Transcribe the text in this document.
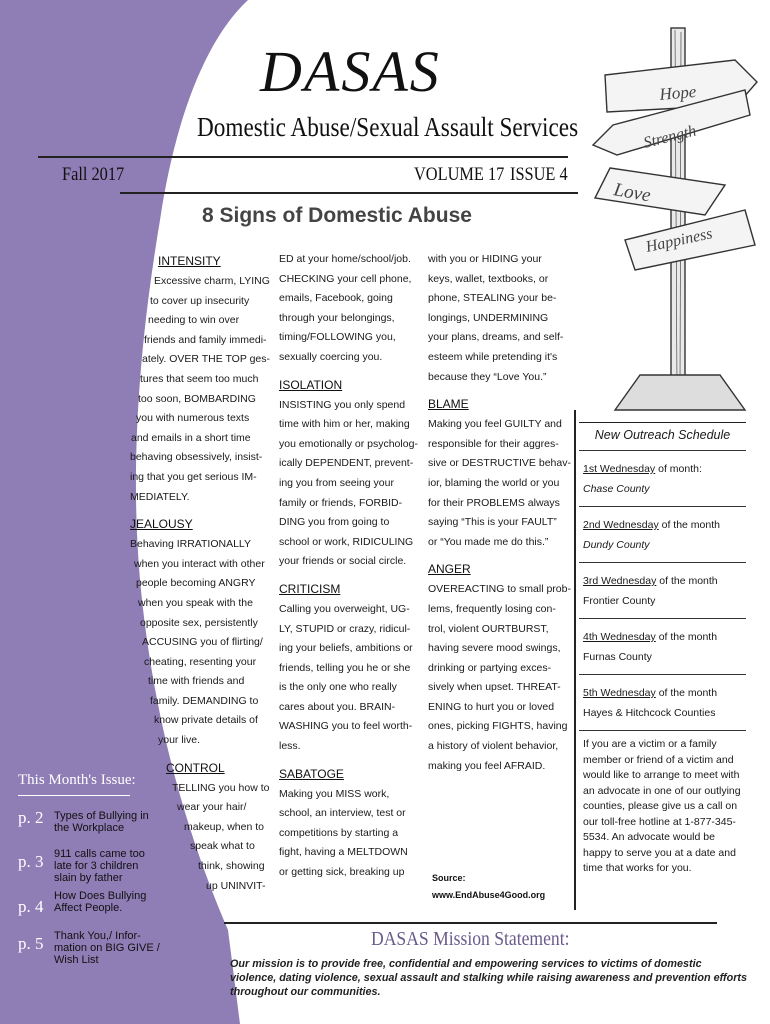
Hope
Strength
Love
Happiness
DASAS
Domestic Abuse/Sexual Assault Services
Fall 2017	VOLUME 17 ISSUE 4
8 Signs of Domestic Abuse
INTENSITY
Excessive charm, LYING
to cover up insecurity
needing to win over
friends and family immedi-
ately. OVER THE TOP ges-
tures that seem too much
too soon, BOMBARDING
you with numerous texts
and emails in a short time
behaving obsessively, insist-
ing that you get serious IM-
MEDIATELY.
JEALOUSY
Behaving IRRATIONALLY
when you interact with other
people becoming ANGRY
when you speak with the
opposite sex, persistently
ACCUSING you of flirting/
cheating, resenting your
time with friends and
family. DEMANDING to
know private details of
your live.
CONTROL
TELLING you how to
wear your hair/
makeup, when to
speak what to
think, showing
up UNINVIT-
ED at your home/school/job.
CHECKING your cell phone,
emails, Facebook, going
through your belongings,
timing/FOLLOWING you,
sexually coercing you.
ISOLATION
INSISTING you only spend
time with him or her, making
you emotionally or psycholog-
ically DEPENDENT, prevent-
ing you from seeing your
family or friends, FORBID-
DING you from going to
school or work, RIDICULING
your friends or social circle.
CRITICISM
Calling you overweight, UG-
LY, STUPID or crazy, ridicul-
ing your beliefs, ambitions or
friends, telling you he or she
is the only one who really
cares about you. BRAIN-
WASHING you to feel worth-
less.
SABATOGE
Making you MISS work,
school, an interview, test or
competitions by starting a
fight, having a MELTDOWN
or getting sick, breaking up
with you or HIDING your
keys, wallet, textbooks, or
phone, STEALING your be-
longings, UNDERMINING
your plans, dreams, and self-
esteem while pretending it's
because they “Love You.”
BLAME
Making you feel GUILTY and
responsible for their aggres-
sive or DESTRUCTIVE behav-
ior, blaming the world or you
for their PROBLEMS always
saying “This is your FAULT”
or “You made me do this.”
ANGER
OVEREACTING to small prob-
lems, frequently losing con-
trol, violent OURTBURST,
having severe mood swings,
drinking or partying exces-
sively when upset. THREAT-
ENING to hurt you or loved
ones, picking FIGHTS, having
a history of violent behavior,
making you feel AFRAID.
Source:
www.EndAbuse4Good.org
New Outreach Schedule
1st Wednesday of month:
Chase County
2nd Wednesday of the month
Dundy County
3rd Wednesday of the month
Frontier County
4th Wednesday of the month
Furnas County
5th Wednesday of the month
Hayes & Hitchcock Counties
If you are a victim or a family member or friend of a victim and would like to arrange to meet with an advocate in one of our outlying counties, please give us a call on our toll-free hotline at 1-877-345-5534. An advocate would be happy to serve you at a date and time that works for you.
This Month's Issue:
p. 2 Types of Bullying in the Workplace
p. 3 911 calls came too late for 3 children slain by father
p. 4
How Does Bullying Affect People.
p. 5 Thank You,/ Infor-mation on BIG GIVE / Wish List
DASAS Mission Statement:
Our mission is to provide free, confidential and empowering services to victims of domestic violence, dating violence, sexual assault and stalking while raising awareness and prevention efforts throughout our communities.
